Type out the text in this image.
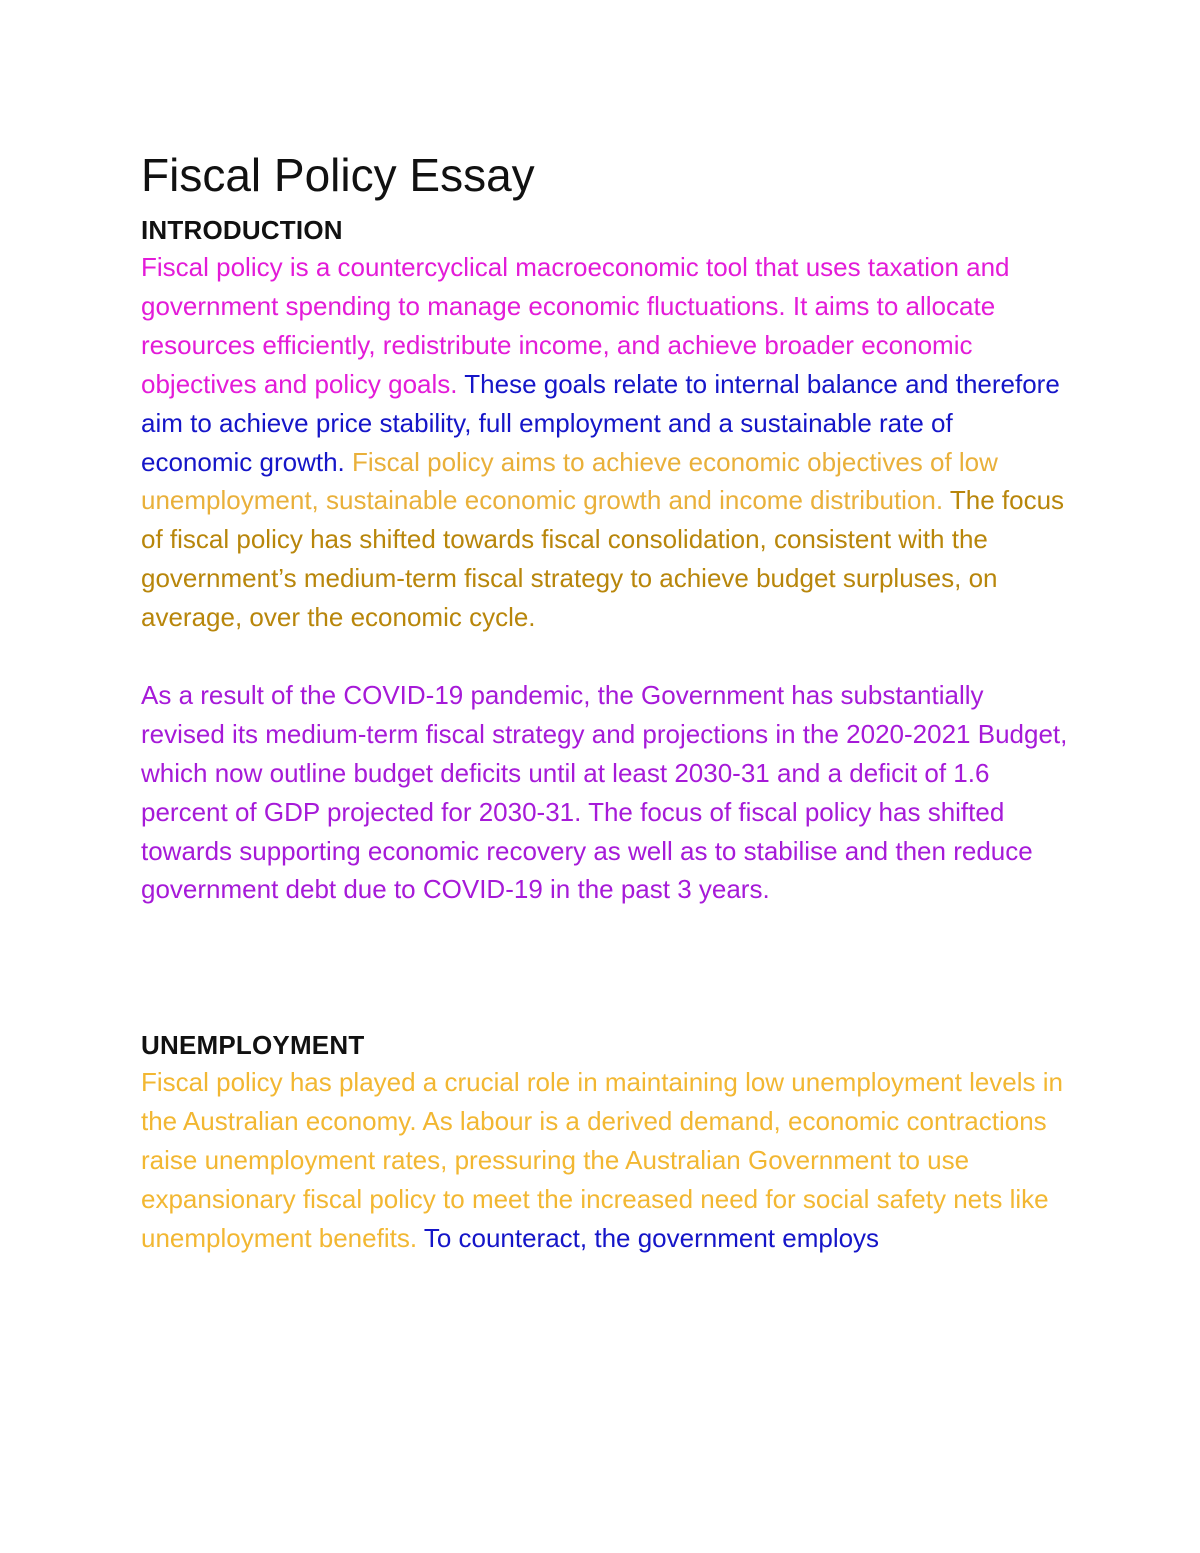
Fiscal Policy Essay
INTRODUCTION

Fiscal policy is a countercyclical macroeconomic tool that uses taxation and government spending to manage economic fluctuations. It aims to allocate resources efficiently, redistribute income, and achieve broader economic objectives and policy goals. These goals relate to internal balance and therefore aim to achieve price stability, full employment and a sustainable rate of economic growth. Fiscal policy aims to achieve economic objectives of low unemployment, sustainable economic growth and income distribution. The focus of fiscal policy has shifted towards fiscal consolidation, consistent with the government’s medium-term fiscal strategy to achieve budget surpluses, on average, over the economic cycle.

As a result of the COVID-19 pandemic, the Government has substantially revised its medium-term fiscal strategy and projections in the 2020-2021 Budget, which now outline budget deficits until at least 2030-31 and a deficit of 1.6 percent of GDP projected for 2030-31. The focus of fiscal policy has shifted towards supporting economic recovery as well as to stabilise and then reduce government debt due to COVID-19 in the past 3 years.

UNEMPLOYMENT

Fiscal policy has played a crucial role in maintaining low unemployment levels in the Australian economy. As labour is a derived demand, economic contractions raise unemployment rates, pressuring the Australian Government to use expansionary fiscal policy to meet the increased need for social safety nets like unemployment benefits. To counteract, the government employs
